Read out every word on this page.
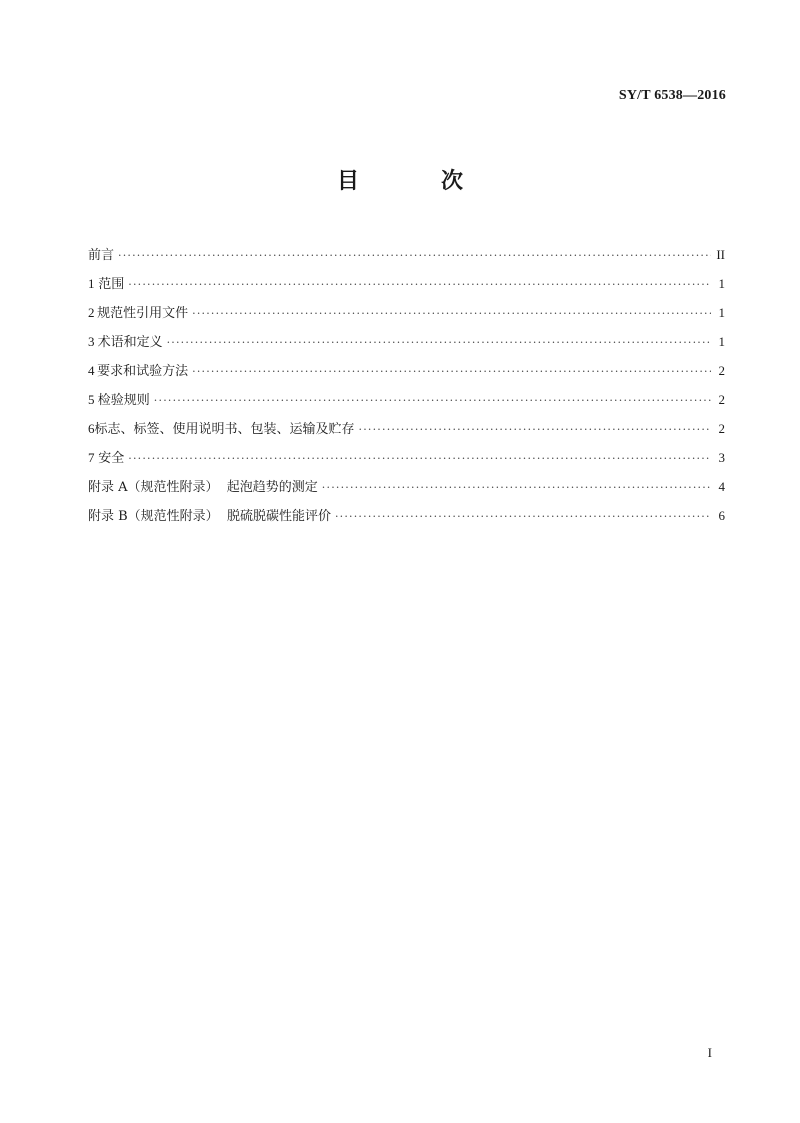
SY/T 6538—2016
目　次
前言 ·····	II
1 范围 ·····	1
2 规范性引用文件 ·····	1
3 术语和定义 ·····	1
4 要求和试验方法 ·····	2
5 检验规则 ·····	2
6 标志、标签、使用说明书、包装、运输及贮存 ·····	2
7 安全 ·····	3
附录 A（规范性附录）  起泡趋势的测定 ·····	4
附录 B（规范性附录）  脱硫脱碳性能评价 ·····	6
I
